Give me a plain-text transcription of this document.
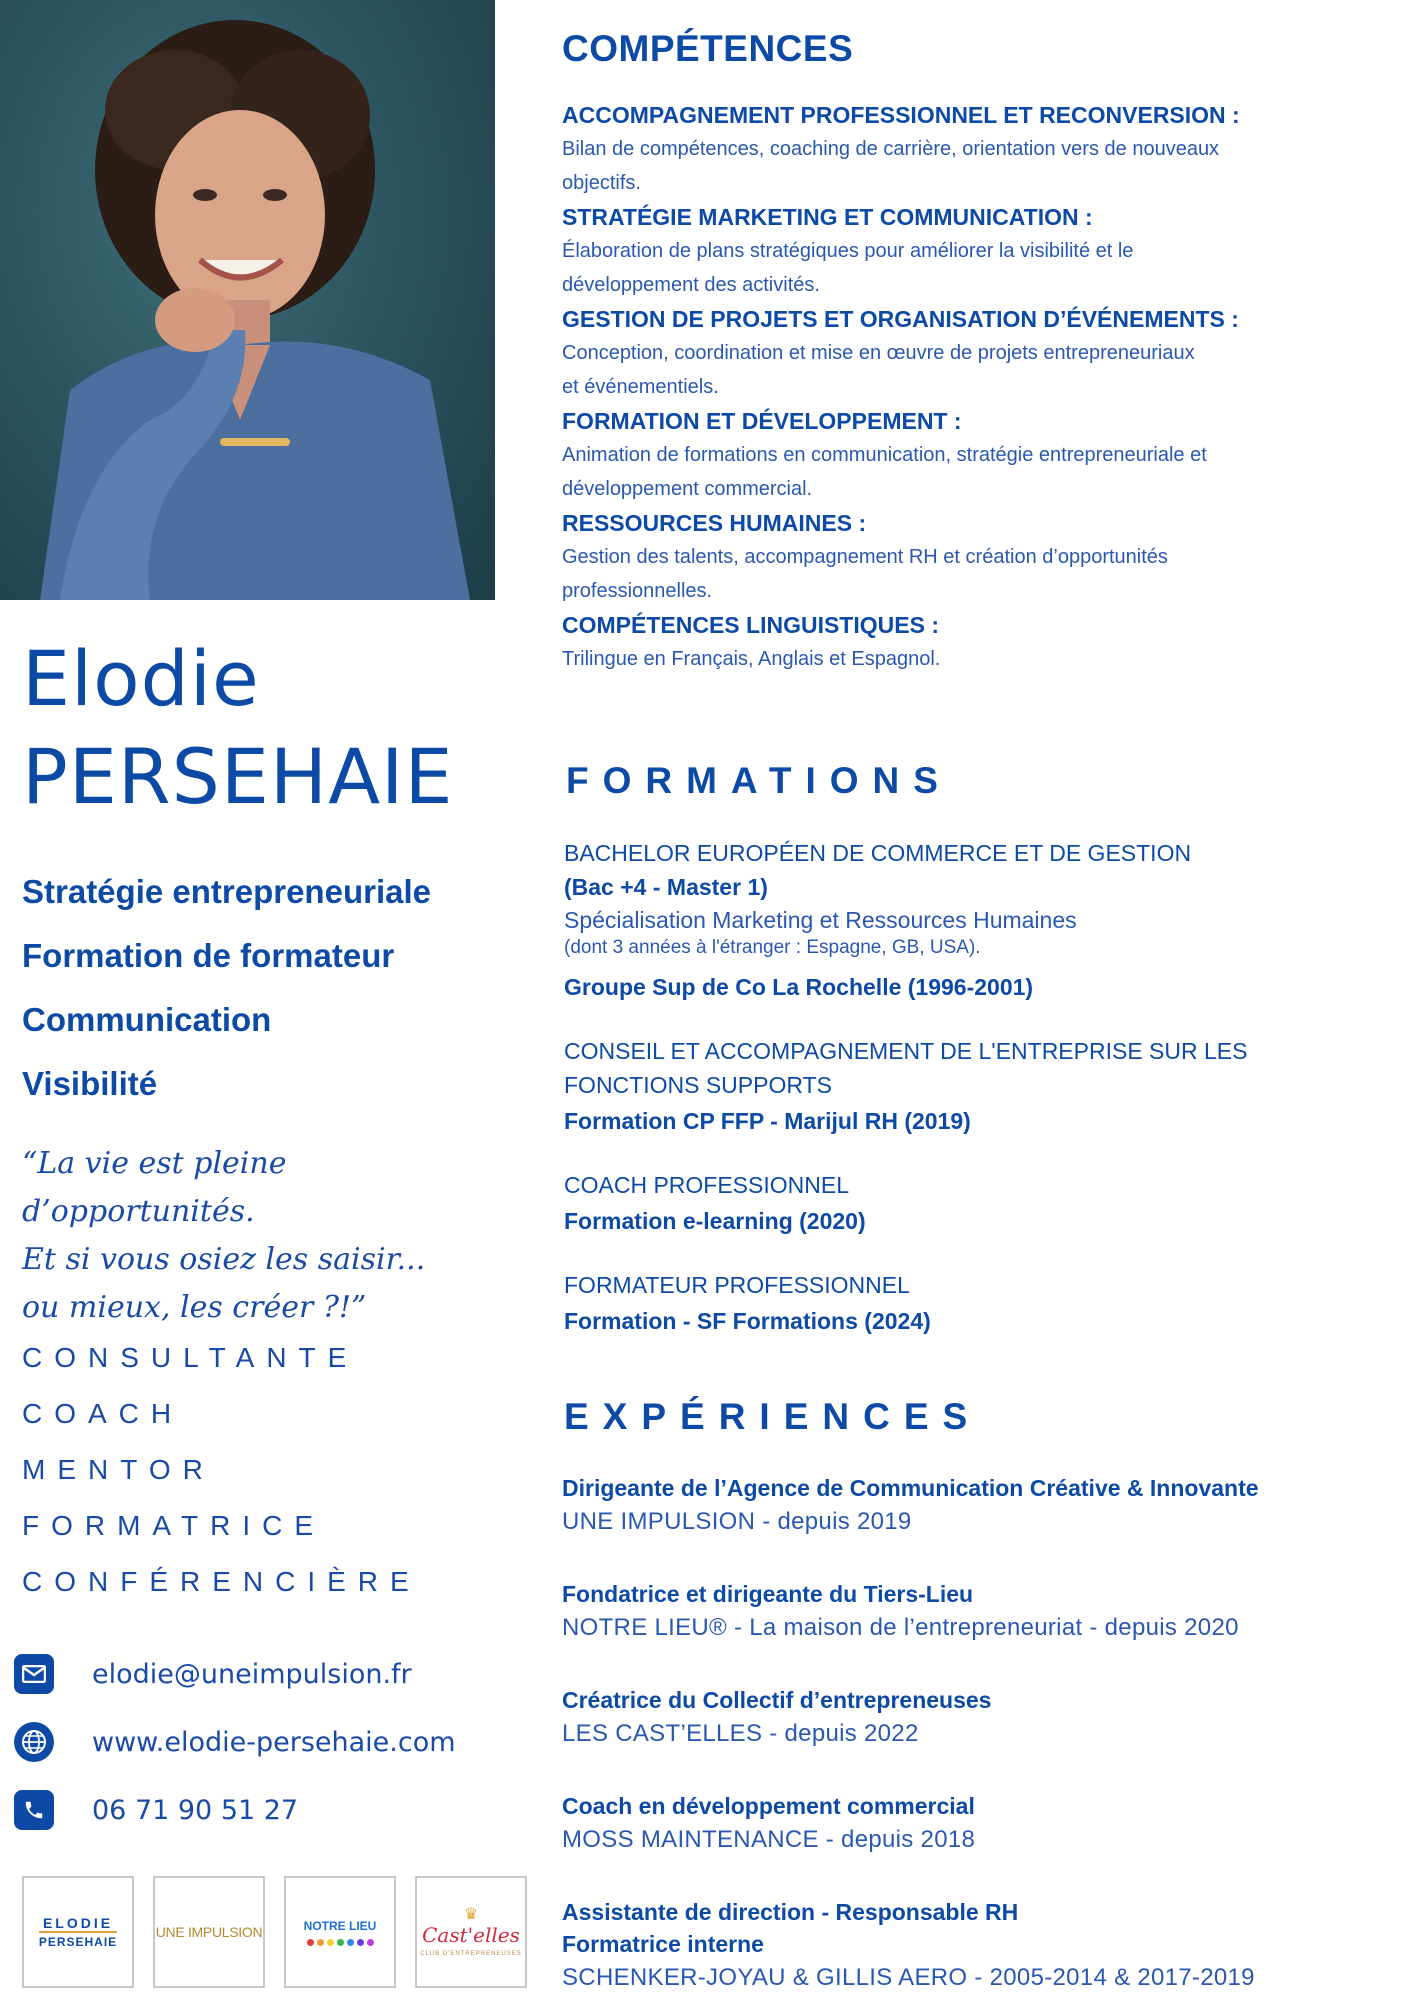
Elodie
PERSEHAIE
Stratégie entrepreneuriale
Formation de formateur
Communication
Visibilité
“La vie est pleine d’opportunités.
Et si vous osiez les saisir...
ou mieux, les créer ?!”
CONSULTANTE
COACH
MENTOR
FORMATRICE
CONFÉRENCIÈRE
elodie@uneimpulsion.fr
www.elodie-persehaie.com
06 71 90 51 27
ELODIE
PERSEHAIE
UNE IMPULSION	NOTRE LIEU
♛
Cast'elles
CLUB D'ENTREPRENEUSES
COMPÉTENCES
ACCOMPAGNEMENT PROFESSIONNEL ET RECONVERSION :

Bilan de compétences, coaching de carrière, orientation vers de nouveaux

objectifs.

STRATÉGIE MARKETING ET COMMUNICATION :

Élaboration de plans stratégiques pour améliorer la visibilité et le

développement des activités.

GESTION DE PROJETS ET ORGANISATION D’ÉVÉNEMENTS :

Conception, coordination et mise en œuvre de projets entrepreneuriaux

et événementiels.

FORMATION ET DÉVELOPPEMENT :

Animation de formations en communication, stratégie entrepreneuriale et

développement commercial.

RESSOURCES HUMAINES :

Gestion des talents, accompagnement RH et création d’opportunités

professionnelles.

COMPÉTENCES LINGUISTIQUES :

Trilingue en Français, Anglais et Espagnol.

FORMATIONS
BACHELOR EUROPÉEN DE COMMERCE ET DE GESTION
(Bac +4 - Master 1)
Spécialisation Marketing et Ressources Humaines
(dont 3 années à l'étranger : Espagne, GB, USA).
Groupe Sup de Co La Rochelle (1996-2001)
CONSEIL ET ACCOMPAGNEMENT DE L'ENTREPRISE SUR LES
FONCTIONS SUPPORTS
Formation CP FFP - Marijul RH (2019)
COACH PROFESSIONNEL
Formation e-learning (2020)
FORMATEUR PROFESSIONNEL
Formation - SF Formations (2024)
EXPÉRIENCES
Dirigeante de l’Agence de Communication Créative & Innovante
UNE IMPULSION - depuis 2019
Fondatrice et dirigeante du Tiers-Lieu
NOTRE LIEU® - La maison de l’entrepreneuriat - depuis 2020
Créatrice du Collectif d’entrepreneuses
LES CAST’ELLES - depuis 2022
Coach en développement commercial
MOSS MAINTENANCE - depuis 2018
Assistante de direction - Responsable RH
Formatrice interne
SCHENKER-JOYAU & GILLIS AERO - 2005-2014 & 2017-2019
